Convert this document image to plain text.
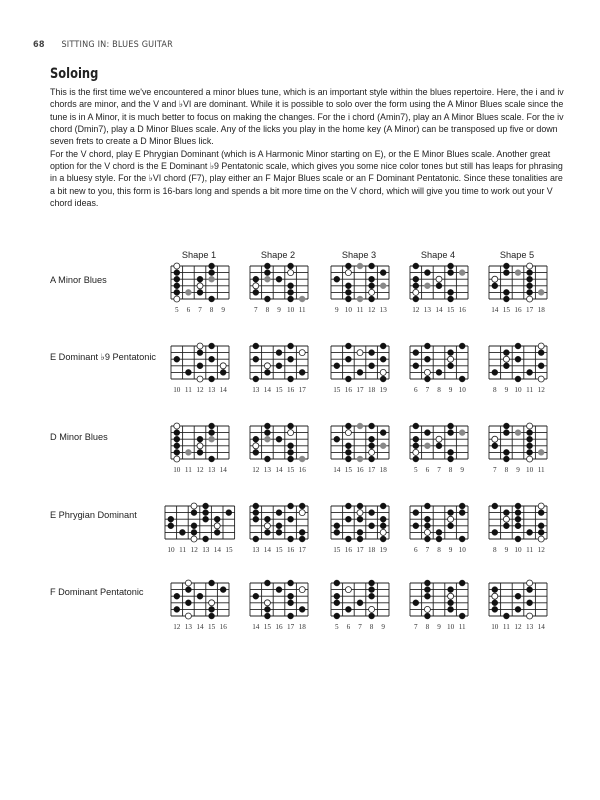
68 SITTING IN: BLUES GUITAR
Soloing

This is the first time we've encountered a minor blues tune, which is an important style within the blues repertoire. Here, the i and iv chords are minor, and the V and ♭VI are dominant. While it is possible to solo over the form using the A Minor Blues scale since the tune is in A Minor, it is much better to focus on making the changes. For the i chord (Amin7), play an A Minor Blues scale. For the iv chord (Dmin7), play a D Minor Blues scale. Any of the licks you play in the home key (A Minor) can be transposed up five or down seven frets to create a D Minor Blues lick.

For the V chord, play E Phrygian Dominant (which is A Harmonic Minor starting on E), or the E Minor Blues scale. Another great option for the V chord is the E Dominant ♭9 Pentatonic scale, which gives you some nice color tones but still has leaps for phrasing in a bluesy style. For the ♭VI chord (F7), play either an F Major Blues scale or an F Dominant Pentatonic. Since these tonalities are a bit new to you, this form is 16-bars long and spends a bit more time on the V chord, which will give you time to work out your V chord ideas.

Shape 1	Shape 2	Shape 3	Shape 4	Shape 5
A Minor Blues
5 6 7 8 9	7 8 9 10 11	9 10 11 12 13	12 13 14 15 16	14 15 16 17 18
E Dominant ♭9 Pentatonic
10 11 12 13 14	13 14 15 16 17	15 16 17 18 19	6 7 8 9 10	8 9 10 11 12
D Minor Blues
10 11 12 13 14	12 13 14 15 16	14 15 16 17 18	5 6 7 8 9	7 8 9 10 11
E Phrygian Dominant
10 11 12 13 14 15	13 14 15 16 17	15 16 17 18 19	6 7 8 9 10	8 9 10 11 12
F Dominant Pentatonic
12 13 14 15 16	14 15 16 17 18	5 6 7 8 9	7 8 9 10 11	10 11 12 13 14
